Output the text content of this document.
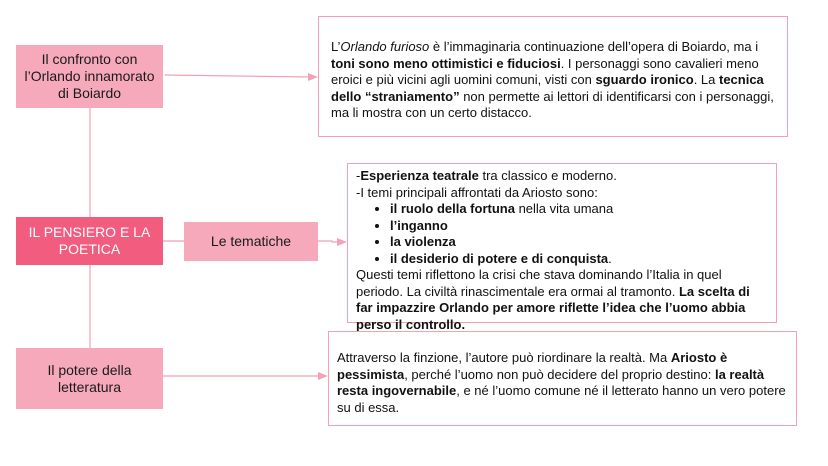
Il confronto con l’Orlando innamorato di Boiardo
IL PENSIERO E LA POETICA	Le tematiche
Il potere della letteratura

L’Orlando furioso è l’immaginaria continuazione dell’opera di Boiardo, ma i toni sono meno ottimistici e fiduciosi. I personaggi sono cavalieri meno eroici e più vicini agli uomini comuni, visti con sguardo ironico. La tecnica dello “straniamento” non permette ai lettori di identificarsi con i personaggi, ma li mostra con un certo distacco.

-Esperienza teatrale tra classico e moderno.

-I temi principali affrontati da Ariosto sono:

• il ruolo della fortuna nella vita umana
• l’inganno
• la violenza
• il desiderio di potere e di conquista.

Questi temi riflettono la crisi che stava dominando l’Italia in quel periodo. La civiltà rinascimentale era ormai al tramonto. La scelta di far impazzire Orlando per amore riflette l’idea che l’uomo abbia perso il controllo.

Attraverso la finzione, l’autore può riordinare la realtà. Ma Ariosto è pessimista, perché l’uomo non può decidere del proprio destino: la realtà resta ingovernabile, e né l’uomo comune né il letterato hanno un vero potere su di essa.
